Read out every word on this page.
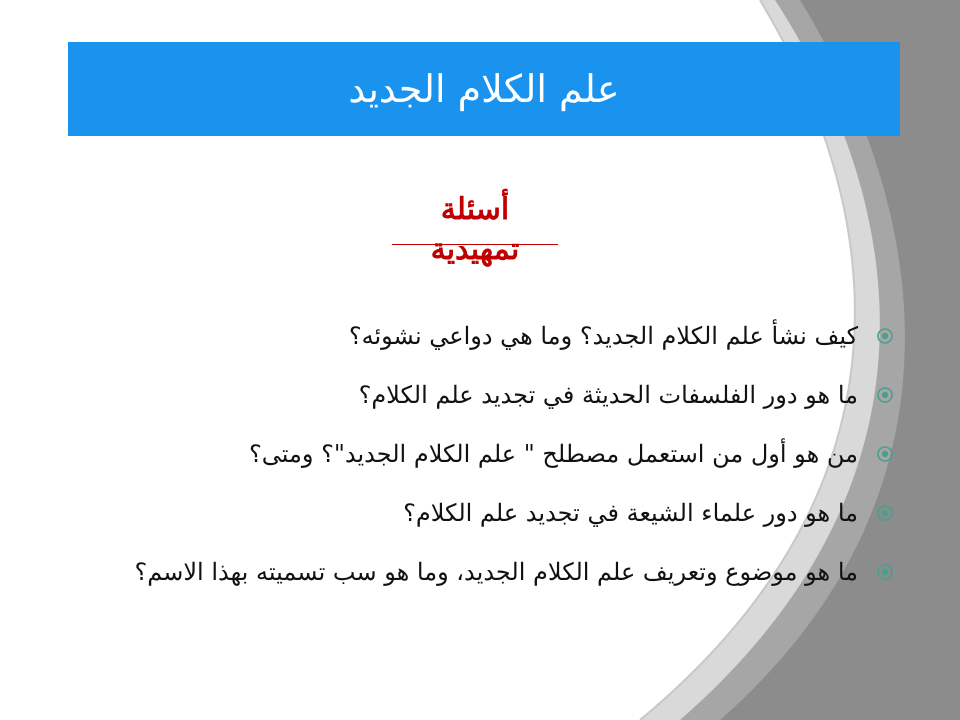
علم الكلام الجديد
أسئلة تمهيدية
كيف نشأ علم الكلام الجديد؟ وما هي دواعي نشوئه؟
ما هو دور الفلسفات الحديثة في تجديد علم الكلام؟
من هو أول من استعمل مصطلح " علم الكلام الجديد"؟ ومتى؟
ما هو دور علماء الشيعة في تجديد علم الكلام؟
ما هو موضوع وتعريف علم الكلام الجديد، وما هو سب تسميته بهذا الاسم؟
